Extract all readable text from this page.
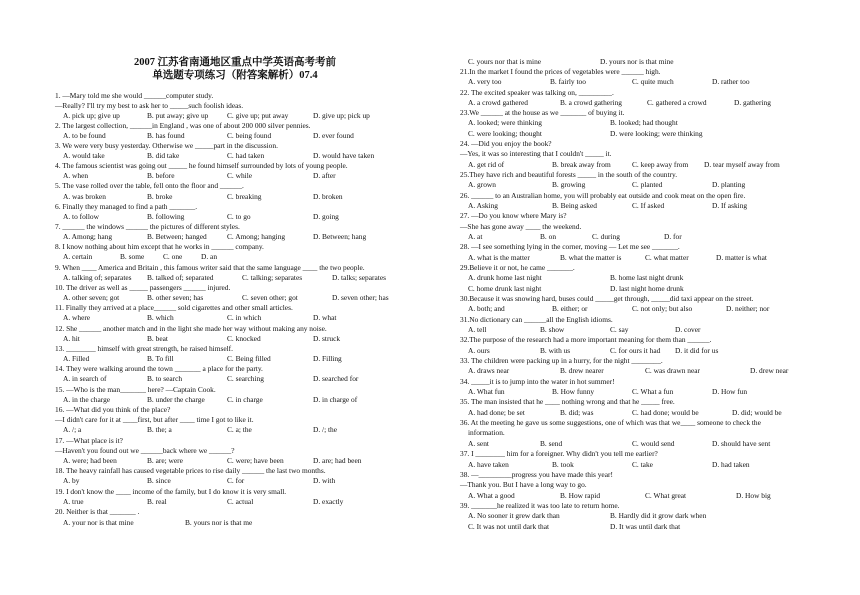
2007 江苏省南通地区重点中学英语高考考前
单选题专项练习（附答案解析）07.4
1. —Mary told me she would ______computer study.
—Really? I'll try my best to ask her to _____such foolish ideas.
A. pick up; give up	B. put away; give up	C. give up; put away	D. give up; pick up
2. The largest collection, ______in England , was one of about 200 000 silver pennies.
A. to be found	B. has found	C. being found	D. ever found
3. We were very busy yesterday. Otherwise we _____part in the discussion.
A. would take	B. did take	C. had taken	D. would have taken
4. The famous scientist was going out _____ he found himself surrounded by lots of young people.
A. when	B. before	C. while	D. after
5. The vase rolled over the table, fell onto the floor and ______.
A. was broken	B. broke	C. breaking	D. broken
6. Finally they managed to find a path _______.
A. to follow	B. following	C. to go	D. going
7. ______ the windows ______ the pictures of different styles.
A. Among; hang	B. Between; hanged	C. Among; hanging	D. Between; hang
8. I know nothing about him except that he works in ______ company.
A. certain	B. some	C. one	D. an
9. When ____ America and Britain , this famous writer said that the same language ____ the two people.
A. talking of; separates B. talked of; separated	C. talking; separates	D. talks; separates
10. The driver as well as _____ passengers ______ injured.
A. other seven; got	B. other seven; has	C. seven other; got	D. seven other; has
11. Finally they arrived at a place______ sold cigarettes and other small articles.
A. where	B. which	C. in which	D. what
12. She ______ another match and in the light she made her way without making any noise.
A. hit	B. beat	C. knocked	D. struck
13. ________ himself with great strength, he raised himself.
A. Filled	B. To fill	C. Being filled	D. Filling
14. They were walking around the town _______ a place for the party.
A. in search of	B. to search	C. searching	D. searched for
15. —Who is the man_______ here? —Captain Cook.
A. in the charge	B. under the charge	C. in charge	D. in charge of
16. —What did you think of the place?
—I didn't care for it at ____first, but after ____ time I got to like it.
A. /; a	B. the; a	C. a; the	D. /; the
17. —What place is it?
—Haven't you found out we ______back where we ______?
A. were; had been	B. are; were	C. were; have been	D. are; had been
18. The heavy rainfall has caused vegetable prices to rise daily ______ the last two months.
A. by	B. since	C. for	D. with
19. I don't know the ____ income of the family, but I do know it is very small.
A. true	B. real	C. actual	D. exactly
20. Neither is that _______ .
A. your nor is that mine	B. yours nor is that me
C. yours nor that is mine	D. yours nor is that mine
21.In the market I found the prices of vegetables were ______ high.
A. very too	B. fairly too	C. quite much	D. rather too
22. The excited speaker was talking on, _________.
A. a crowd gathered	B. a crowd gathering	C. gathered a crowd	D. gathering
23.We ______ at the house as we _______ of buying it.
A. looked; were thinking	B. looked; had thought
C. were looking; thought	D. were looking; were thinking
24. —Did you enjoy the book?
—Yes, it was so interesting that I couldn't _____ it.
A. get rid of	B. break away from	C. keep away from D. tear myself away from
25.They have rich and beautiful forests _____ in the south of the country.
A. grown	B. growing	C. planted	D. planting
26. ______ to an Australian home, you will probably eat outside and cook meat on the open fire.
A. Asking	B. Being asked	C. If asked	D. If asking
27. —Do you know where Mary is?
—She has gone away ____ the weekend.
A. at	B. on	C. during	D. for
28. —I see something lying in the corner, moving — Let me see _______.
A. what is the matter	B. what the matter is	C. what matter	D. matter is what
29.Believe it or not, he came _______.
A. drunk home last night	B. home last night drunk
C. home drunk last night	D. last night home drunk
30.Because it was snowing hard, buses could _____get through, _____did taxi appear on the street.
A. both; and	B. either; or	C. not only; but also	D. neither; nor
31.No dictionary can ______all the English idioms.
A. tell	B. show	C. say	D. cover
32.The purpose of the research had a more important meaning for them than ______.
A. ours	B. with us	C. for ours it had D. it did for us
33. The children were packing up in a hurry, for the night ________.
A. draws near	B. drew nearer	C. was drawn near	D. drew near
34. _____it is to jump into the water in hot summer!
A. What fun	B. How funny	C. What a fun	D. How fun
35. The man insisted that he ____ nothing wrong and that he _____ free.
A. had done; be set	B. did; was	C. had done; would be	D. did; would be
36. At the meeting he gave us some suggestions, one of which was that we____ someone to check the
information.
A. sent	B. send	C. would send	D. should have sent
37. I ________ him for a foreigner. Why didn't you tell me earlier?
A. have taken	B. took	C. take	D. had taken
38. —_________progress you have made this year!
—Thank you. But I have a long way to go.
A. What a good	B. How rapid	C. What great	D. How big
39. _______he realized it was too late to return home.
A. No sooner it grew dark than	B. Hardly did it grow dark when
C. It was not until dark that	D. It was until dark that
